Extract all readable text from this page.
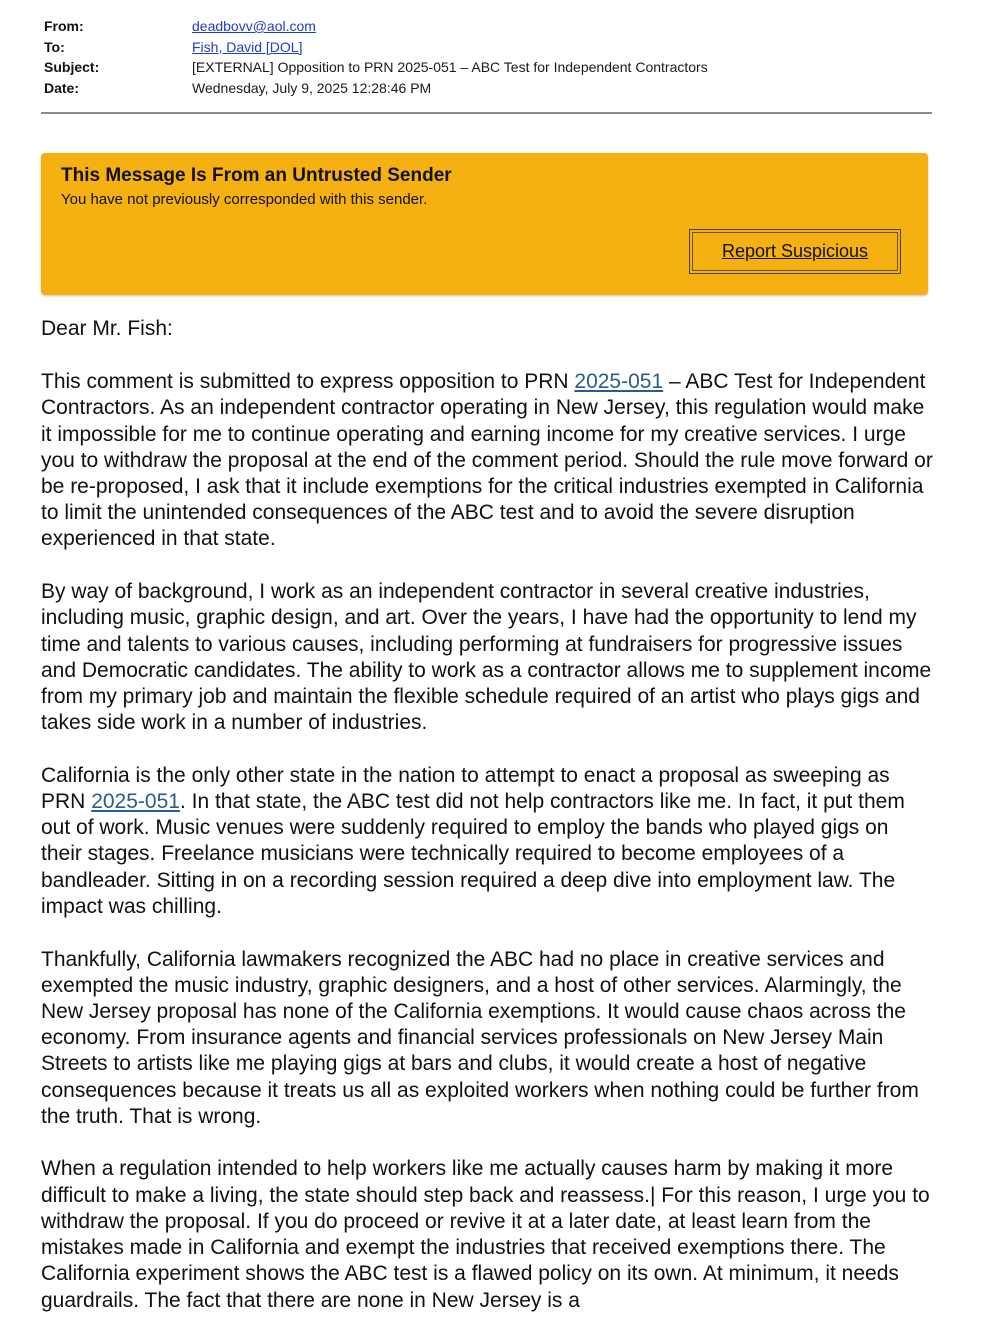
From:	deadbovv@aol.com
To:	Fish, David [DOL]
Subject:	[EXTERNAL] Opposition to PRN 2025-051 – ABC Test for Independent Contractors
Date:	Wednesday, July 9, 2025 12:28:46 PM
This Message Is From an Untrusted Sender
You have not previously corresponded with this sender.
Report Suspicious

Dear Mr. Fish:

This comment is submitted to express opposition to PRN 2025-051 – ABC Test for Independent Contractors. As an independent contractor operating in New Jersey, this regulation would make it impossible for me to continue operating and earning income for my creative services. I urge you to withdraw the proposal at the end of the comment period. Should the rule move forward or be re-proposed, I ask that it include exemptions for the critical industries exempted in California to limit the unintended consequences of the ABC test and to avoid the severe disruption experienced in that state.

By way of background, I work as an independent contractor in several creative industries, including music, graphic design, and art. Over the years, I have had the opportunity to lend my time and talents to various causes, including performing at fundraisers for progressive issues and Democratic candidates. The ability to work as a contractor allows me to supplement income from my primary job and maintain the flexible schedule required of an artist who plays gigs and takes side work in a number of industries.

California is the only other state in the nation to attempt to enact a proposal as sweeping as PRN 2025-051. In that state, the ABC test did not help contractors like me. In fact, it put them out of work. Music venues were suddenly required to employ the bands who played gigs on their stages. Freelance musicians were technically required to become employees of a bandleader. Sitting in on a recording session required a deep dive into employment law. The impact was chilling.

Thankfully, California lawmakers recognized the ABC had no place in creative services and exempted the music industry, graphic designers, and a host of other services. Alarmingly, the New Jersey proposal has none of the California exemptions. It would cause chaos across the economy. From insurance agents and financial services professionals on New Jersey Main Streets to artists like me playing gigs at bars and clubs, it would create a host of negative consequences because it treats us all as exploited workers when nothing could be further from the truth. That is wrong.

When a regulation intended to help workers like me actually causes harm by making it more difficult to make a living, the state should step back and reassess.| For this reason, I urge you to withdraw the proposal. If you do proceed or revive it at a later date, at least learn from the mistakes made in California and exempt the industries that received exemptions there. The California experiment shows the ABC test is a flawed policy on its own. At minimum, it needs guardrails. The fact that there are none in New Jersey is a
